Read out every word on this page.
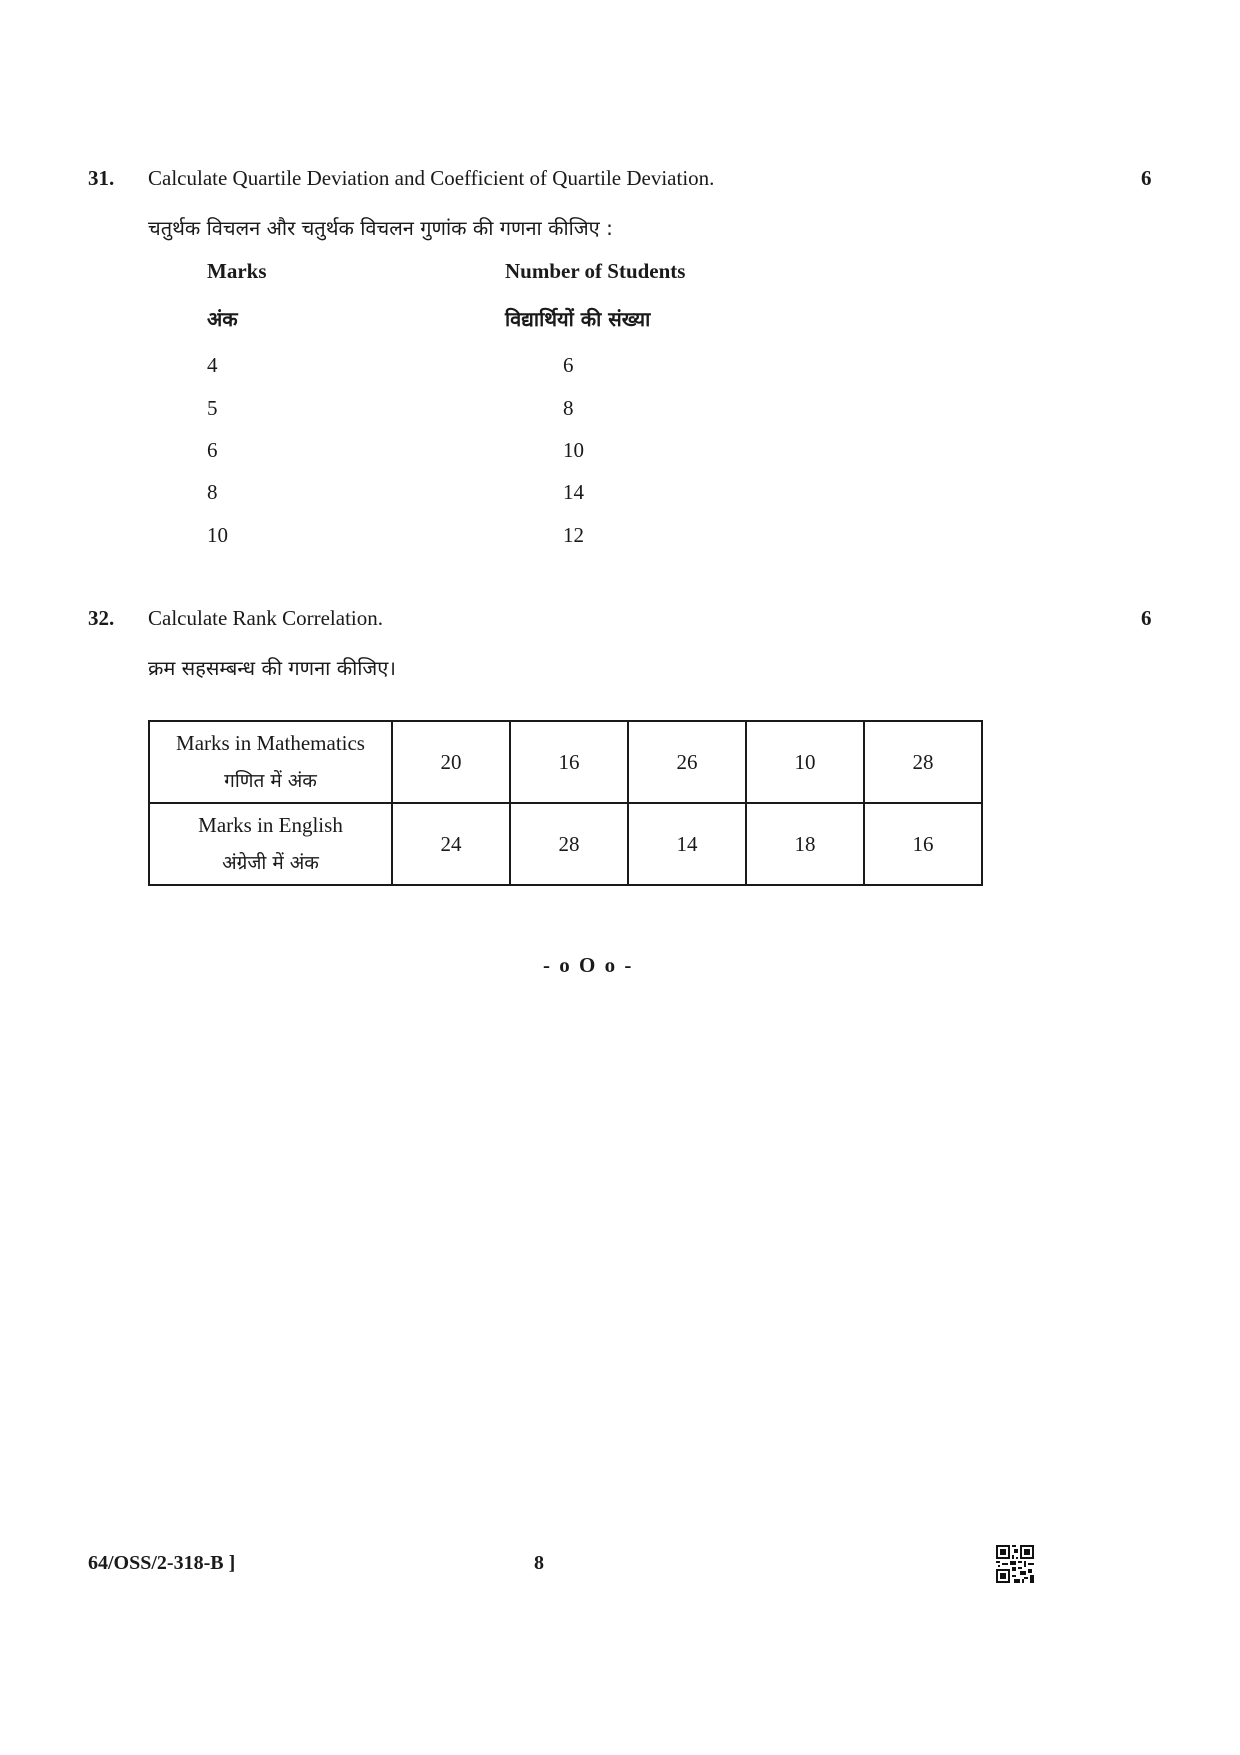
31. Calculate Quartile Deviation and Coefficient of Quartile Deviation.	6
चतुर्थक विचलन और चतुर्थक विचलन गुणांक की गणना कीजिए :
Marks	Number of Students
अंक	विद्यार्थियों की संख्या
4	6
5	8
6	10
8	14
10	12
32. Calculate Rank Correlation.	6
क्रम सहसम्बन्ध की गणना कीजिए।
Marks in Mathematics
गणित में अंक	20	16	26	10	28

Marks in English
अंग्रेजी में अंक	24	28	14	18	16
- o O o -
64/OSS/2-318-B ]	8
